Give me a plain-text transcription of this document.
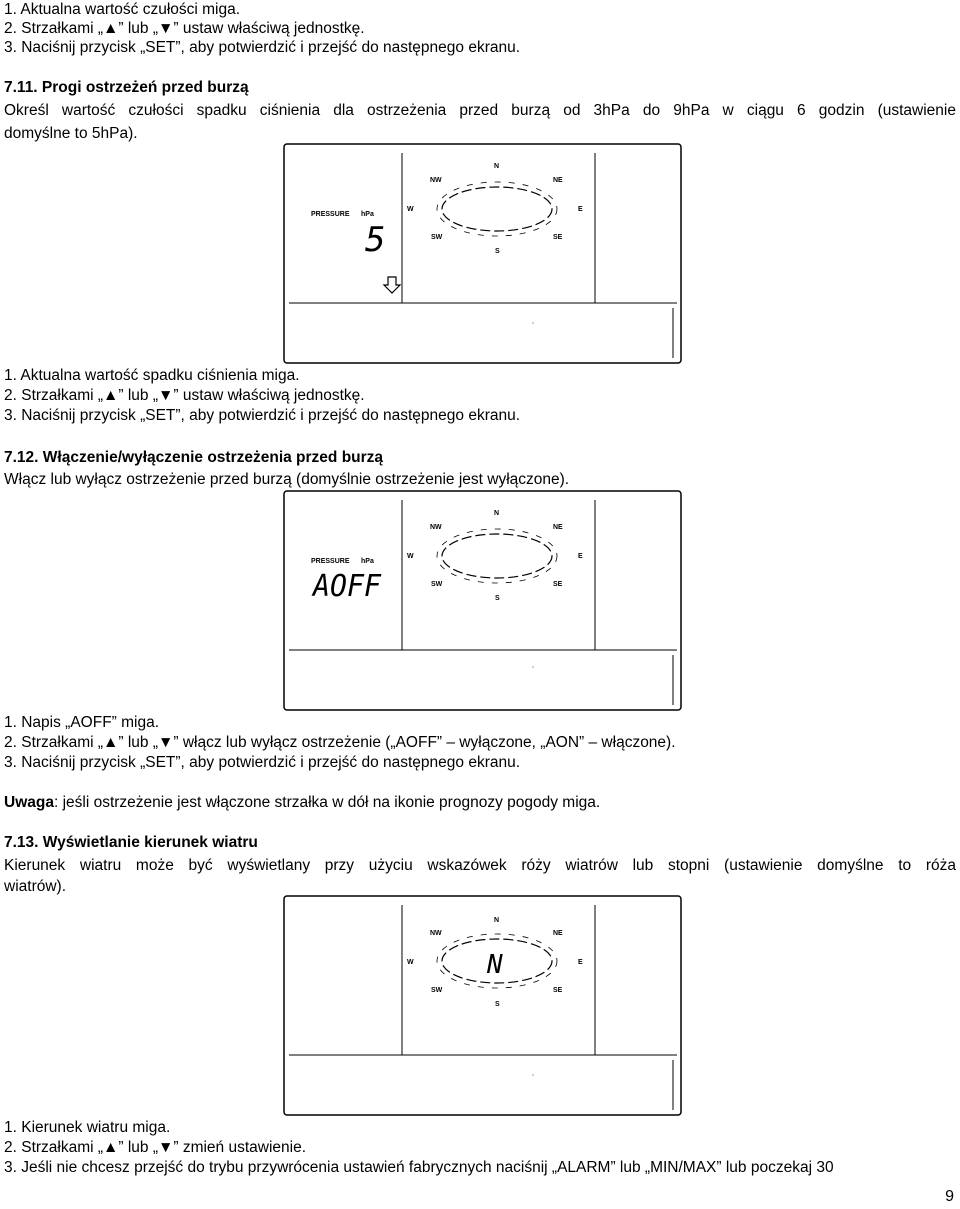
1. Aktualna wartość czułości miga.
2. Strzałkami „▲” lub „▼” ustaw właściwą jednostkę.
3. Naciśnij przycisk „SET”, aby potwierdzić i przejść do następnego ekranu.
7.11. Progi ostrzeżeń przed burzą
Określ wartość czułości spadku ciśnienia dla ostrzeżenia przed burzą od 3hPa do 9hPa w ciągu 6 godzin (ustawienie
domyślne to 5hPa).
N
NE
E
SE
S
SW
W
NW
PRESSURE hPa
5
1. Aktualna wartość spadku ciśnienia miga.
2. Strzałkami „▲” lub „▼” ustaw właściwą jednostkę.
3. Naciśnij przycisk „SET”, aby potwierdzić i przejść do następnego ekranu.
7.12. Włączenie/wyłączenie ostrzeżenia przed burzą
Włącz lub wyłącz ostrzeżenie przed burzą (domyślnie ostrzeżenie jest wyłączone).
N
NE
E
SE
S
SW
W
NW
PRESSURE hPa
AOFF
1. Napis „AOFF” miga.
2. Strzałkami „▲” lub „▼” włącz lub wyłącz ostrzeżenie („AOFF” – wyłączone, „AON” – włączone).
3. Naciśnij przycisk „SET”, aby potwierdzić i przejść do następnego ekranu.
Uwaga: jeśli ostrzeżenie jest włączone strzałka w dół na ikonie prognozy pogody miga.
7.13. Wyświetlanie kierunek wiatru
Kierunek wiatru może być wyświetlany przy użyciu wskazówek róży wiatrów lub stopni (ustawienie domyślne to róża
wiatrów).
N
NE
E
SE
S
SW
W
NW
N
1. Kierunek wiatru miga.
2. Strzałkami „▲” lub „▼” zmień ustawienie.
3. Jeśli nie chcesz przejść do trybu przywrócenia ustawień fabrycznych naciśnij „ALARM” lub „MIN/MAX” lub poczekaj 30
9
